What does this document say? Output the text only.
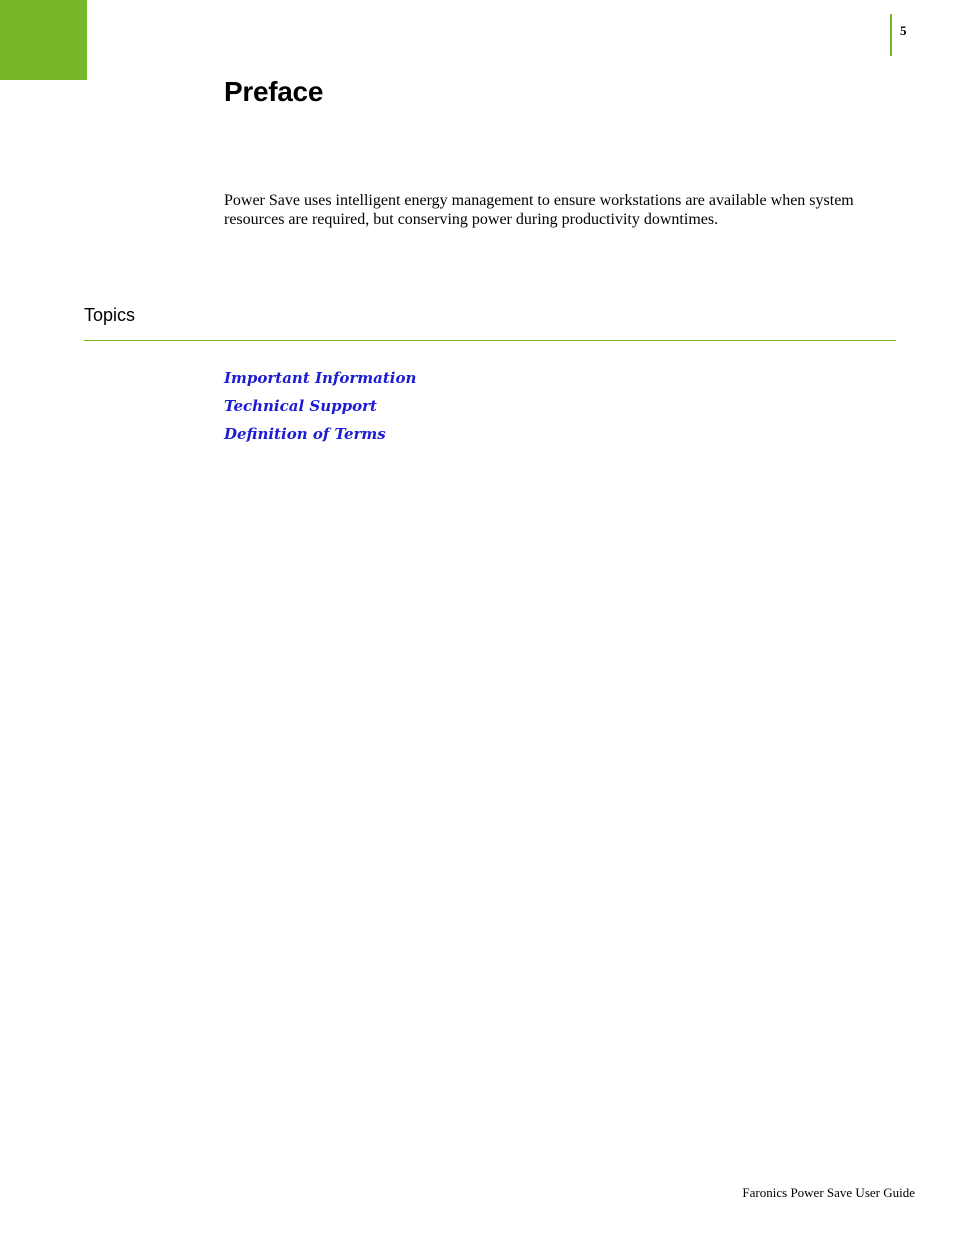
5
Preface

Power Save uses intelligent energy management to ensure workstations are available when system resources are required, but conserving power during productivity downtimes.

Topics
Important Information
Technical Support
Definition of Terms

Faronics Power Save User Guide
